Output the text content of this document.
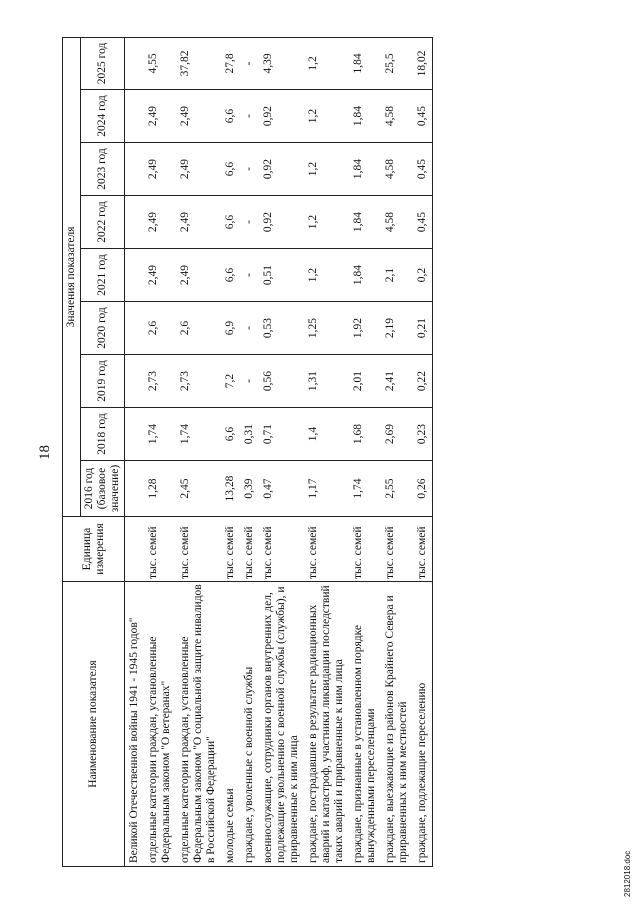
18
Наименование показателя	Единица измерения	Значения показателя								
		2016 год (базовое значение)	2018 год	2019 год	2020 год	2021 год	2022 год	2023 год	2024 год	2025 год
Великой Отечественной войны 1941 - 1945 годов"										
отдельные категории граждан, установленные Федеральным законом "О ветеранах"	тыс. семей	1,28	1,74	2,73	2,6	2,49	2,49	2,49	2,49	4,55
отдельные категории граждан, установленные Федеральным законом "О социальной защите инвалидов в Российской Федерации"	тыс. семей	2,45	1,74	2,73	2,6	2,49	2,49	2,49	2,49	37,82
молодые семьи	тыс. семей	13,28	6,6	7,2	6,9	6,6	6,6	6,6	6,6	27,8
граждане, уволенные с военной службы	тыс. семей	0,39	0,31	-	-	-	-	-	-	-
военнослужащие, сотрудники органов внутренних дел, подлежащие увольнению с военной службы (службы), и приравненные к ним лица	тыс. семей	0,47	0,71	0,56	0,53	0,51	0,92	0,92	0,92	4,39
граждане, пострадавшие в результате радиационных аварий и катастроф, участники ликвидации последствий таких аварий и приравненные к ним лица	тыс. семей	1,17	1,4	1,31	1,25	1,2	1,2	1,2	1,2	1,2
граждане, признанные в установленном порядке вынужденными переселенцами	тыс. семей	1,74	1,68	2,01	1,92	1,84	1,84	1,84	1,84	1,84
граждане, выезжающие из районов Крайнего Севера и приравненных к ним местностей	тыс. семей	2,55	2,69	2,41	2,19	2,1	4,58	4,58	4,58	25,5
граждане, подлежащие переселению	тыс. семей	0,26	0,23	0,22	0,21	0,2	0,45	0,45	0,45	18,02
2812018.doc
